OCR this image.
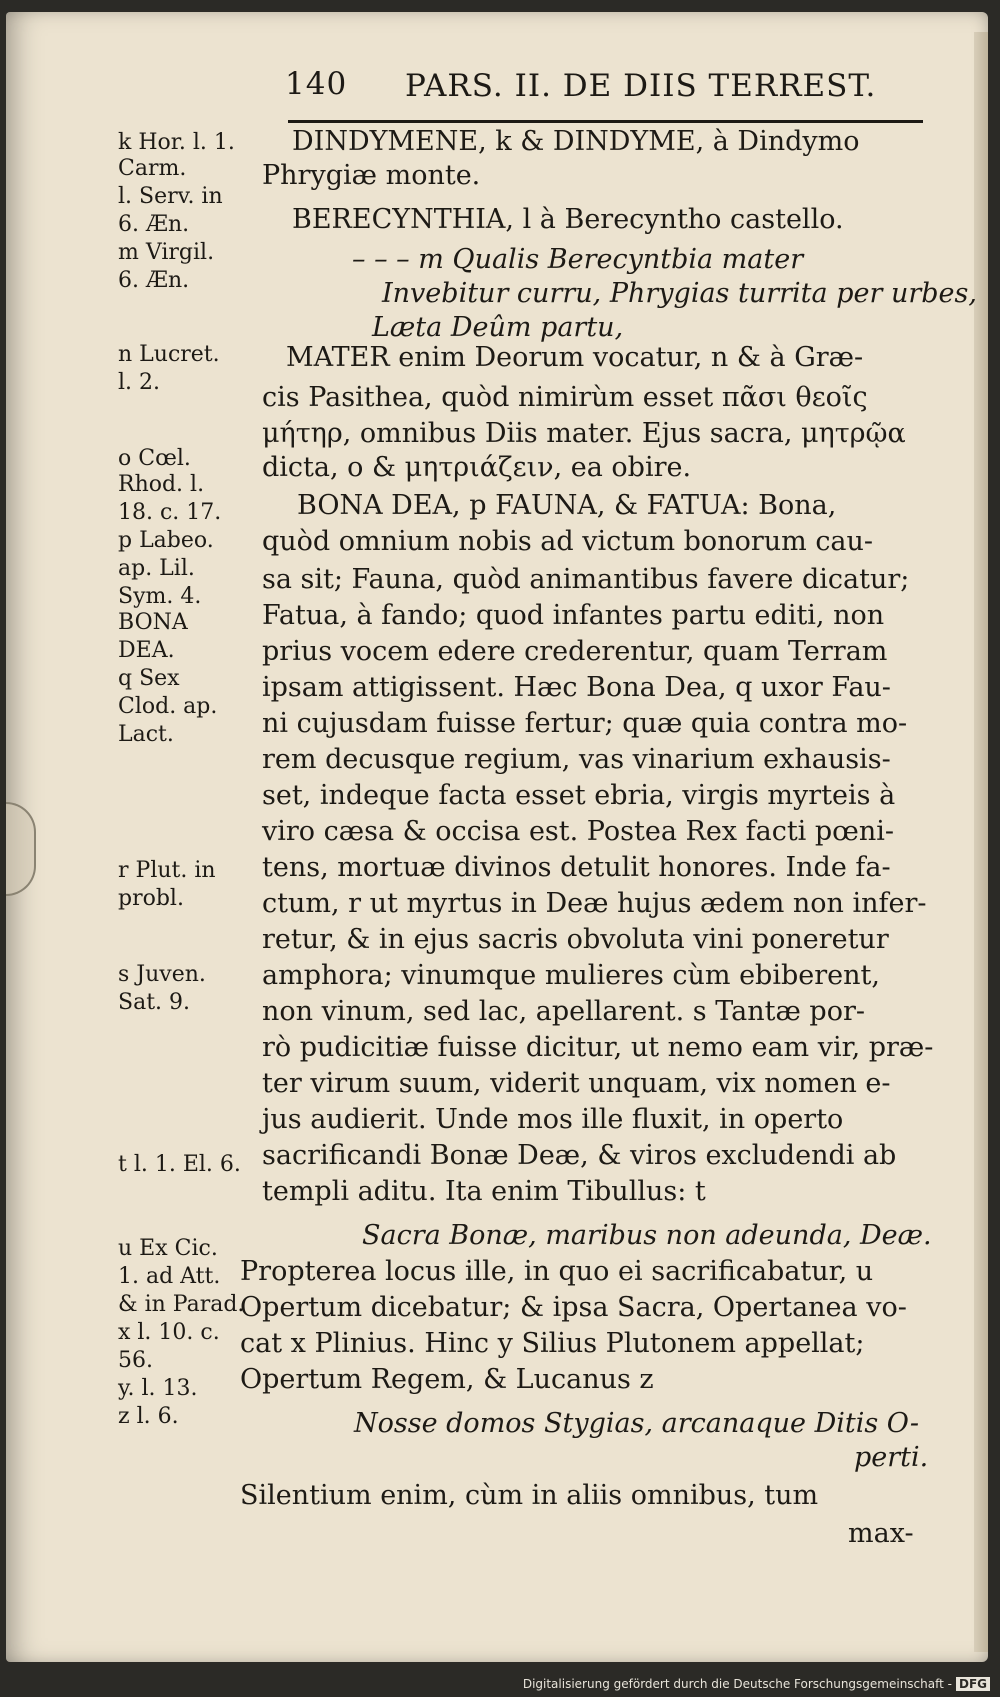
140 PARS. II. DE DIIS TERREST.
k Hor. l. 1.
Carm.
l. Serv. in
6. Æn.
m Virgil.
6. Æn.
n Lucret.
l. 2.
o Cœl.
Rhod. l.
18. c. 17.
p Labeo.
ap. Lil.
Sym. 4.
BONA
DEA.
q Sex
Clod. ap.
Lact.
r Plut. in
probl.
s Juven.
Sat. 9.
t l. 1. El. 6.
u Ex Cic.
1. ad Att.
& in Parad.
x l. 10. c.
56.
y. l. 13.
z l. 6.
DINDYMENE, k & DINDYME, à Dindymo
Phrygiæ monte.
BERECYNTHIA, l à Berecyntho castello.
– – – m Qualis Berecyntbia mater
Invebitur curru, Phrygias turrita per urbes,
Læta Deûm partu,
MATER enim Deorum vocatur, n & à Græ-
cis Pasithea, quòd nimirùm esset πᾶσι θεοῖς
μήτηρ, omnibus Diis mater. Ejus sacra, μητρῷα
dicta, o & μητριάζειν, ea obire.
BONA DEA, p FAUNA, & FATUA: Bona,
quòd omnium nobis ad victum bonorum cau-
sa sit; Fauna, quòd animantibus favere dicatur;
Fatua, à fando; quod infantes partu editi, non
prius vocem edere crederentur, quam Terram
ipsam attigissent. Hæc Bona Dea, q uxor Fau-
ni cujusdam fuisse fertur; quæ quia contra mo-
rem decusque regium, vas vinarium exhausis-
set, indeque facta esset ebria, virgis myrteis à
viro cæsa & occisa est. Postea Rex facti pœni-
tens, mortuæ divinos detulit honores. Inde fa-
ctum, r ut myrtus in Deæ hujus ædem non infer-
retur, & in ejus sacris obvoluta vini poneretur
amphora; vinumque mulieres cùm ebiberent,
non vinum, sed lac, apellarent. s Tantæ por-
rò pudicitiæ fuisse dicitur, ut nemo eam vir, præ-
ter virum suum, viderit unquam, vix nomen e-
jus audierit. Unde mos ille fluxit, in operto
sacrificandi Bonæ Deæ, & viros excludendi ab
templi aditu. Ita enim Tibullus: t
Sacra Bonæ, maribus non adeunda, Deæ.
Propterea locus ille, in quo ei sacrificabatur, u
Opertum dicebatur; & ipsa Sacra, Opertanea vo-
cat x Plinius. Hinc y Silius Plutonem appellat;
Opertum Regem, & Lucanus z
Nosse domos Stygias, arcanaque Ditis O-
perti.
Silentium enim, cùm in aliis omnibus, tum
max-
Digitalisierung gefördert durch die Deutsche Forschungsgemeinschaft - DFG
